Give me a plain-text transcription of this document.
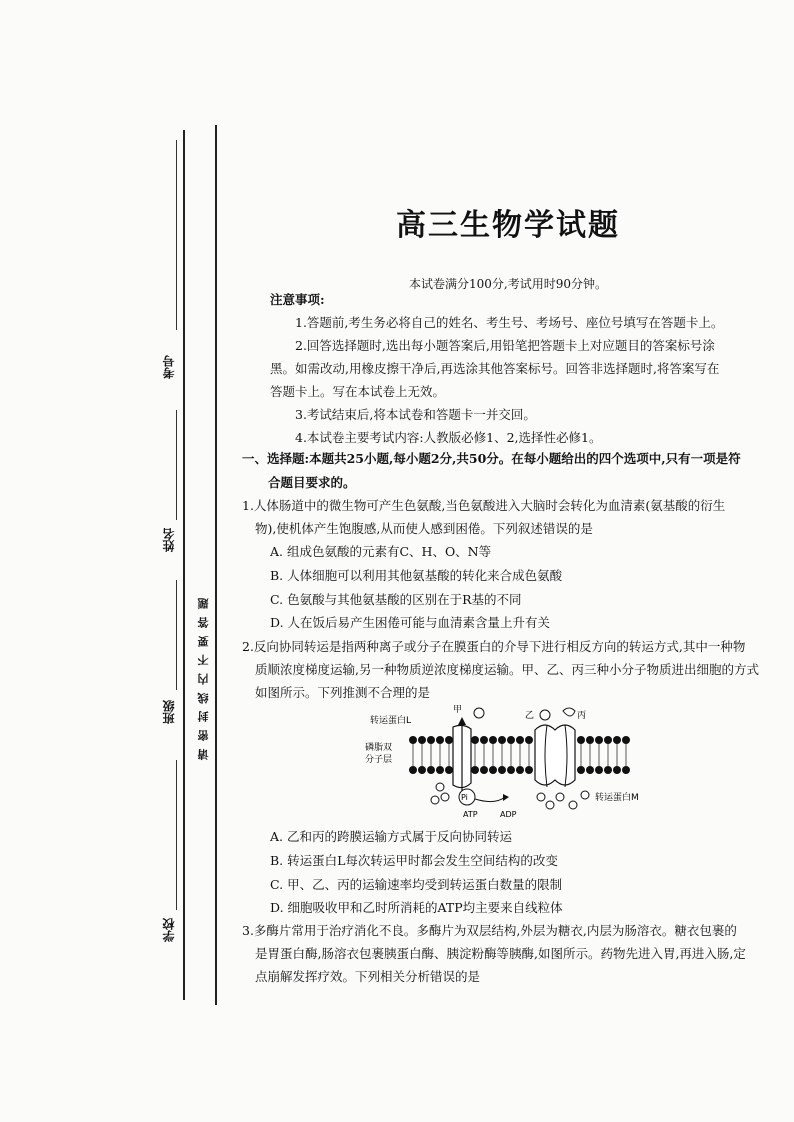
考号
姓名
班级
学校
请 密 封 线 内 不 要 答 题
高三生物学试题
本试卷满分100分,考试用时90分钟。
注意事项:
1.答题前,考生务必将自己的姓名、考生号、考场号、座位号填写在答题卡上。
2.回答选择题时,选出每小题答案后,用铅笔把答题卡上对应题目的答案标号涂
黑。如需改动,用橡皮擦干净后,再选涂其他答案标号。回答非选择题时,将答案写在
答题卡上。写在本试卷上无效。
3.考试结束后,将本试卷和答题卡一并交回。
4.本试卷主要考试内容:人教版必修1、2,选择性必修1。
一、选择题:本题共25小题,每小题2分,共50分。在每小题给出的四个选项中,只有一项是符
合题目要求的。
1.人体肠道中的微生物可产生色氨酸,当色氨酸进入大脑时会转化为血清素(氨基酸的衍生
物),使机体产生饱腹感,从而使人感到困倦。下列叙述错误的是
A. 组成色氨酸的元素有C、H、O、N等
B. 人体细胞可以利用其他氨基酸的转化来合成色氨酸
C. 色氨酸与其他氨基酸的区别在于R基的不同
D. 人在饭后易产生困倦可能与血清素含量上升有关
2.反向协同转运是指两种离子或分子在膜蛋白的介导下进行相反方向的转运方式,其中一种物
质顺浓度梯度运输,另一种物质逆浓度梯度运输。甲、乙、丙三种小分子物质进出细胞的方式
如图所示。下列推测不合理的是
转运蛋白L
甲
乙	丙
磷脂双
分子层
Pi
ATP	ADP
转运蛋白M
A. 乙和丙的跨膜运输方式属于反向协同转运
B. 转运蛋白L每次转运甲时都会发生空间结构的改变
C. 甲、乙、丙的运输速率均受到转运蛋白数量的限制
D. 细胞吸收甲和乙时所消耗的ATP均主要来自线粒体
3.多酶片常用于治疗消化不良。多酶片为双层结构,外层为糖衣,内层为肠溶衣。糖衣包裹的
是胃蛋白酶,肠溶衣包裹胰蛋白酶、胰淀粉酶等胰酶,如图所示。药物先进入胃,再进入肠,定
点崩解发挥疗效。下列相关分析错误的是
